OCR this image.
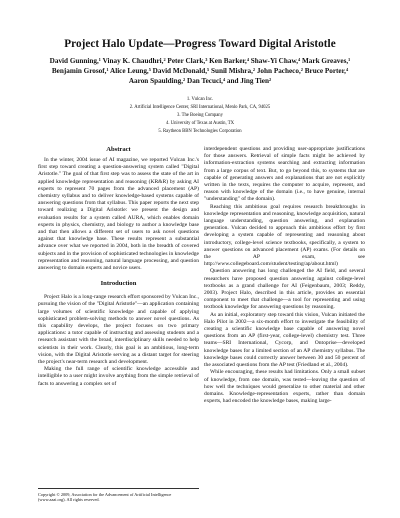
Project Halo Update—Progress Toward Digital Aristotle
David Gunning,¹ Vinay K. Chaudhri,² Peter Clark,³ Ken Barker,⁴ Shaw-Yi Chaw,⁴ Mark Greaves,¹ Benjamin Grosof,¹ Alice Leung,⁵ David McDonald,⁵ Sunil Mishra,² John Pacheco,² Bruce Porter,⁴ Aaron Spaulding,² Dan Tecuci,⁴ and Jing Tien²
1. Vulcan Inc.
2. Artificial Intelligence Center, SRI International, Menlo Park, CA, 94025
3. The Boeing Company
4. University of Texas at Austin, TX
5. Raytheon BBN Technologies Corporation
Abstract

In the winter, 2004 issue of AI magazine, we reported Vulcan Inc.'s first step toward creating a question-answering system called "Digital Aristotle." The goal of that first step was to assess the state of the art in applied knowledge representation and reasoning (KR&R) by asking AI experts to represent 70 pages from the advanced placement (AP) chemistry syllabus and to deliver knowledge-based systems capable of answering questions from that syllabus. This paper reports the next step toward realizing a Digital Aristotle: we present the design and evaluation results for a system called AURA, which enables domain experts in physics, chemistry, and biology to author a knowledge base and that then allows a different set of users to ask novel questions against that knowledge base. These results represent a substantial advance over what we reported in 2004, both in the breadth of covered subjects and in the provision of sophisticated technologies in knowledge representation and reasoning, natural language processing, and question answering to domain experts and novice users.

Introduction

Project Halo is a long-range research effort sponsored by Vulcan Inc., pursuing the vision of the "Digital Aristotle"—an application containing large volumes of scientific knowledge and capable of applying sophisticated problem-solving methods to answer novel questions. As this capability develops, the project focuses on two primary applications: a tutor capable of instructing and assessing students and a research assistant with the broad, interdisciplinary skills needed to help scientists in their work. Clearly, this goal is an ambitious, long-term vision, with the Digital Aristotle serving as a distant target for steering the project's near-term research and development.

Making the full range of scientific knowledge accessible and intelligible to a user might involve anything from the simple retrieval of facts to answering a complex set of

Copyright © 2009, Association for the Advancement of Artificial Intelligence (www.aaai.org). All rights reserved.

interdependent questions and providing user-appropriate justifications for those answers. Retrieval of simple facts might be achieved by information-extraction systems searching and extracting information from a large corpus of text. But, to go beyond this, to systems that are capable of generating answers and explanations that are not explicitly written in the texts, requires the computer to acquire, represent, and reason with knowledge of the domain (i.e., to have genuine, internal "understanding" of the domain).

Reaching this ambitious goal requires research breakthroughs in knowledge representation and reasoning, knowledge acquisition, natural language understanding, question answering, and explanation generation. Vulcan decided to approach this ambitious effort by first developing a system capable of representing and reasoning about introductory, college-level science textbooks, specifically, a system to answer questions on advanced placement (AP) exams. (For details on the AP exam, see http://www.collegeboard.com/student/testing/ap/about.html)

Question answering has long challenged the AI field, and several researchers have proposed question answering against college-level textbooks as a grand challenge for AI (Feigenbaum, 2003; Reddy, 2003). Project Halo, described in this article, provides an essential component to meet that challenge—a tool for representing and using textbook knowledge for answering questions by reasoning.

As an initial, exploratory step toward this vision, Vulcan initiated the Halo Pilot in 2002—a six-month effort to investigate the feasibility of creating a scientific knowledge base capable of answering novel questions from an AP (first-year, college-level) chemistry test. Three teams—SRI International, Cycorp, and Ontoprise—developed knowledge bases for a limited section of an AP chemistry syllabus. The knowledge bases could correctly answer between 30 and 50 percent of the associated questions from the AP test (Friedland et al., 2004).

While encouraging, these results had limitations. Only a small subset of knowledge, from one domain, was tested—leaving the question of how well the techniques would generalize to other material and other domains. Knowledge-representation experts, rather than domain experts, had encoded the knowledge bases, making large-
